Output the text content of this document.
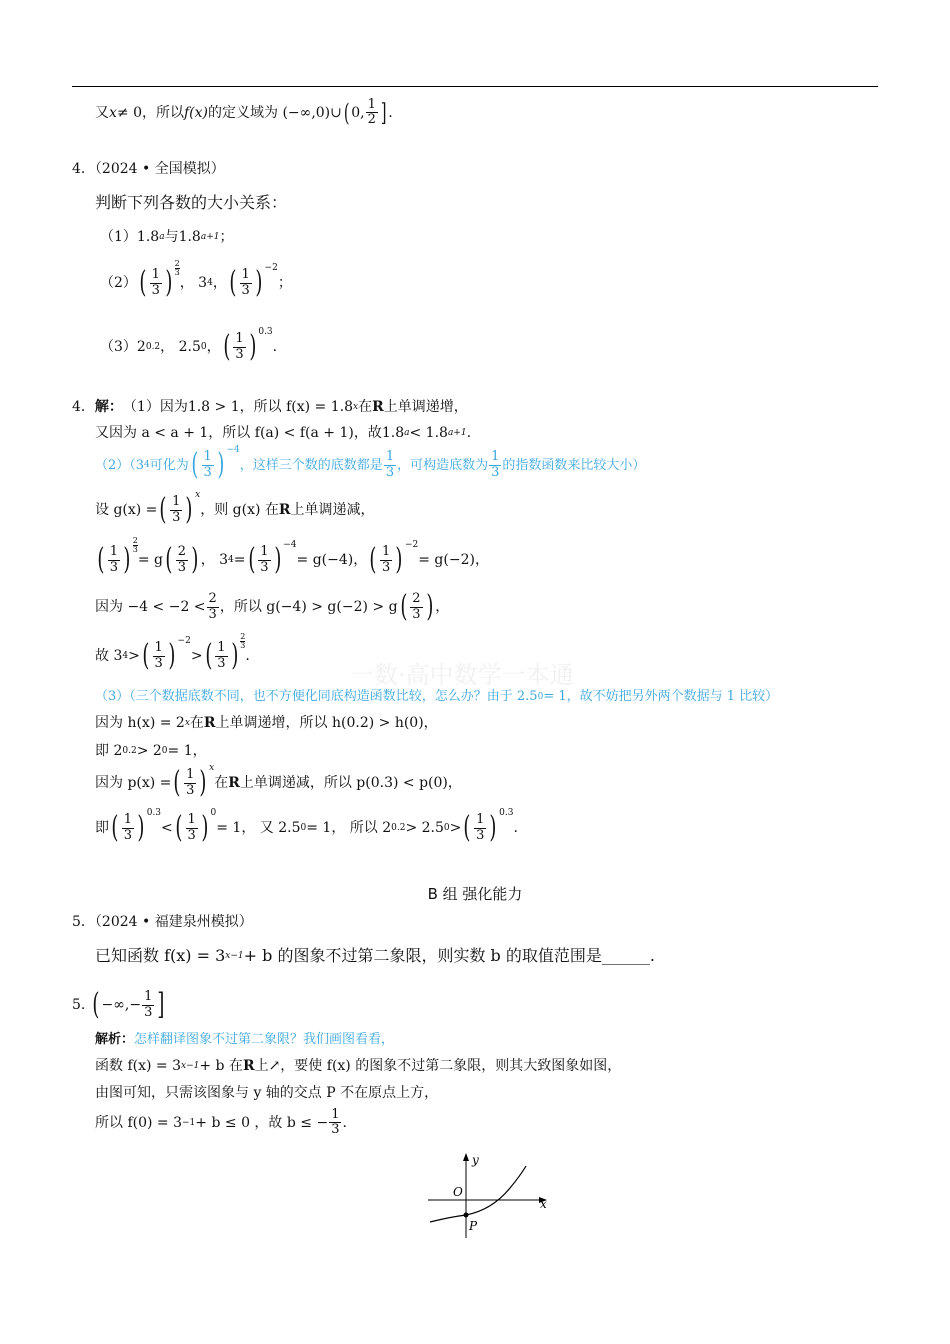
一数·高中数学一本通
又 x ≠ 0，所以 f(x) 的定义域为 (−∞,0)∪ ( 0, $\frac{1}{2}$ ] .
4．（2024 • 全国模拟）
判断下列各数的大小关系：
（1） 1.8 a 与 1.8 a+1 ；
（2） ( $\frac{1}{3}$ )
2
3
， 3 4 ， ( $\frac{1}{3}$ ) −2
；
（3） 2 0.2 ， 2.5 0 ， ( $\frac{1}{3}$ ) 0.3
.
4． 解： （1）因为1.8 > 1，所以 f(x) = 1.8 x 在 R 上单调递增，
又因为 a < a + 1，所以 f(a) < f(a + 1)，故1.8 a < 1.8 a+1 .
（2）（3 4 可化为 ( $\frac{1}{3}$ ) −4
，这样三个数的底数都是 $\frac{1}{3}$ ，可构造底数为 $\frac{1}{3}$ 的指数函数来比较大小）
设 g(x) = ( $\frac{1}{3}$ ) x
，则 g(x) 在 R 上单调递减，
( $\frac{1}{3}$ ) $\frac{2}{3}$
= g ( $\frac{2}{3}$ ) ， 3 4 = ( $\frac{1}{3}$ ) −4
= g(−4)， ( $\frac{1}{3}$ ) −2
= g(−2)，
因为 $-4 < -2 < \frac{2}{3}$ ，所以 g(−4) > g(−2) > g ( $\frac{2}{3}$ ) ，
故 3 4 > ( $\frac{1}{3}$ ) −2
> ( $\frac{1}{3}$ )
2
3
.
（3）（三个数据底数不同，也不方便化同底构造函数比较，怎么办？由于 2.5 0 = 1，故不妨把另外两个数据与 1 比较）
因为 h(x) = 2 x 在 R 上单调递增，所以 h(0.2) > h(0)，
即 2 0.2 > 2 0 = 1，
因为 p(x) = ( $\frac{1}{3}$ ) x
在 R 上单调递减，所以 p(0.3) < p(0)，
即 ( $\frac{1}{3}$ ) 0.3
< ( $\frac{1}{3}$ ) 0
= 1， 又 2.5 0 = 1， 所以 2 0.2 > 2.5 0 > ( $\frac{1}{3}$ ) 0.3
.
B 组 强化能力
5．（2024 • 福建泉州模拟）
已知函数 f(x) = 3 x−1 + b 的图象不过第二象限，则实数 b 的取值范围是______.
5.
( −∞,− $\frac{1}{3}$ ]
解析： 怎样翻译图象不过第二象限？我们画图看看，
函数 f(x) = 3 x−1 + b 在 R 上↗，要使 f(x) 的图象不过第二象限，则其大致图象如图，
由图可知，只需该图象与 y 轴的交点 P 不在原点上方，
所以 f(0) = 3 −1 + b ≤ 0 ，故 b ≤ − $\frac{1}{3}$ .
y
x
O
P
